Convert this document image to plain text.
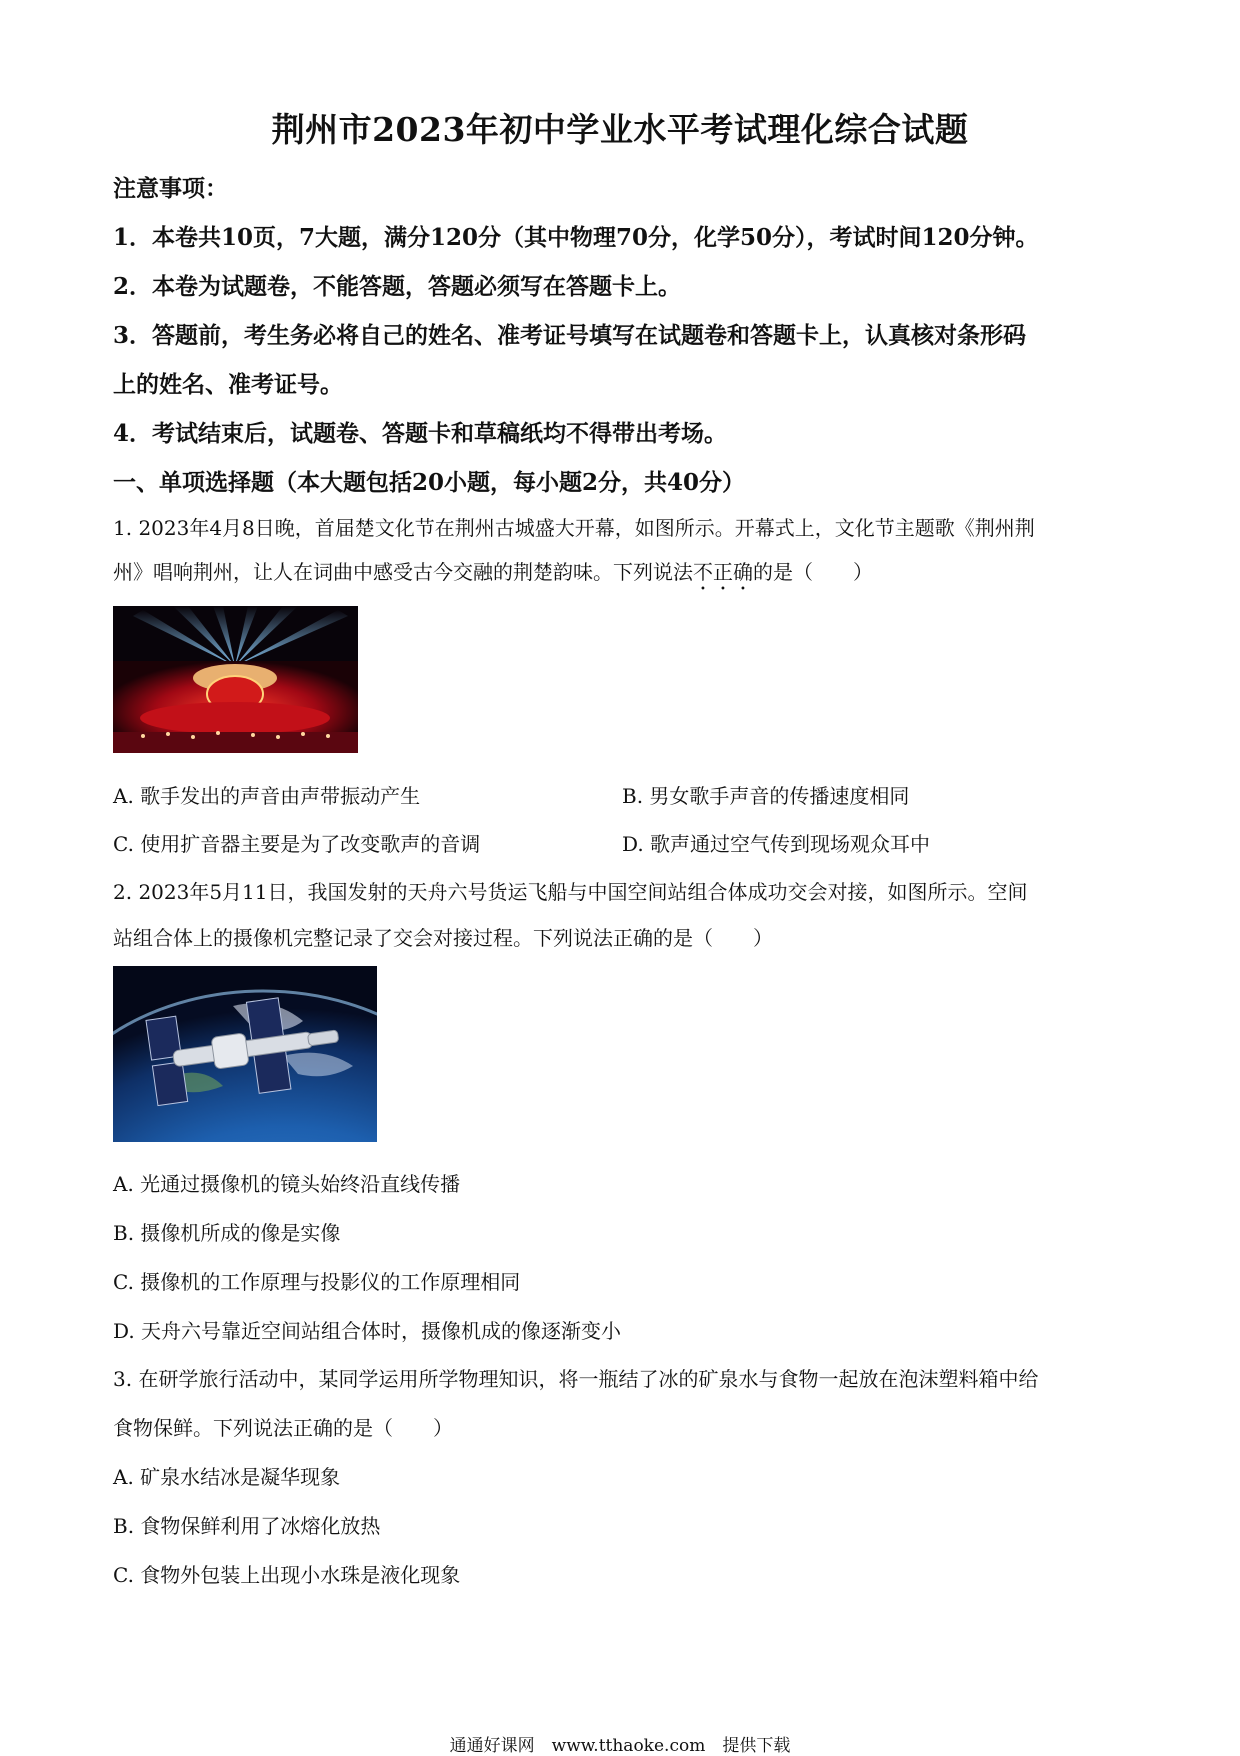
荆州市2023年初中学业水平考试理化综合试题
注意事项：
1．本卷共10页，7大题，满分120分（其中物理70分，化学50分），考试时间120分钟。
2．本卷为试题卷，不能答题，答题必须写在答题卡上。
3．答题前，考生务必将自己的姓名、准考证号填写在试题卷和答题卡上，认真核对条形码
上的姓名、准考证号。
4．考试结束后，试题卷、答题卡和草稿纸均不得带出考场。
一、单项选择题（本大题包括20小题，每小题2分，共40分）
1. 2023年4月8日晚，首届楚文化节在荆州古城盛大开幕，如图所示。开幕式上，文化节主题歌《荆州荆
州》唱响荆州，让人在词曲中感受古今交融的荆楚韵味。下列说法不正确的是（　　）
A. 歌手发出的声音由声带振动产生	B. 男女歌手声音的传播速度相同
C. 使用扩音器主要是为了改变歌声的音调	D. 歌声通过空气传到现场观众耳中
2. 2023年5月11日，我国发射的天舟六号货运飞船与中国空间站组合体成功交会对接，如图所示。空间
站组合体上的摄像机完整记录了交会对接过程。下列说法正确的是（　　）
A. 光通过摄像机的镜头始终沿直线传播
B. 摄像机所成的像是实像
C. 摄像机的工作原理与投影仪的工作原理相同
D. 天舟六号靠近空间站组合体时，摄像机成的像逐渐变小
3. 在研学旅行活动中，某同学运用所学物理知识，将一瓶结了冰的矿泉水与食物一起放在泡沫塑料箱中给
食物保鲜。下列说法正确的是（　　）
A. 矿泉水结冰是凝华现象
B. 食物保鲜利用了冰熔化放热
C. 食物外包装上出现小水珠是液化现象
通通好课网　www.tthaoke.com　提供下载
